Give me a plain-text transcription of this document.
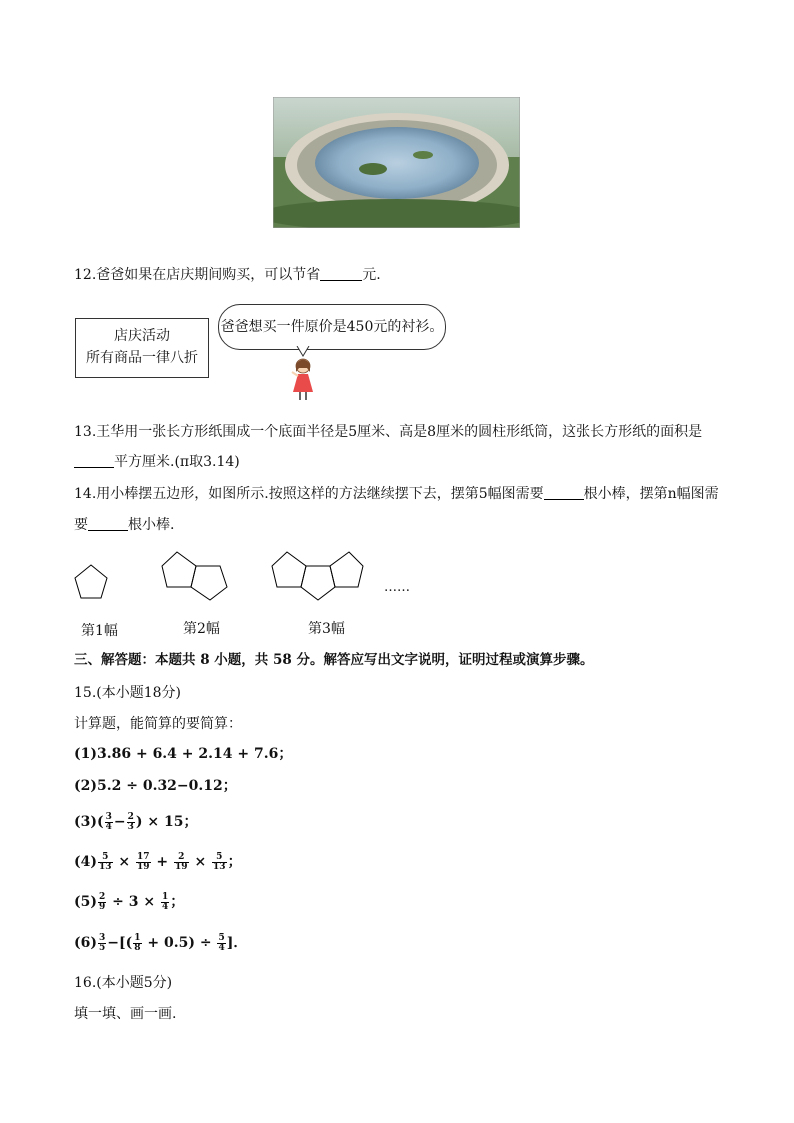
12.爸爸如果在店庆期间购买，可以节省	元.
店庆活动
所有商品一律八折
爸爸想买一件原价是450元的衬衫。
13.王华用一张长方形纸围成一个底面半径是5厘米、高是8厘米的圆柱形纸筒，这张长方形纸的面积是
平方厘米.(π取3.14)
14.用小棒摆五边形，如图所示.按照这样的方法继续摆下去，摆第5幅图需要	根小棒，摆第n幅图需
要	根小棒.
……
第1幅	第2幅	第3幅
三、解答题：本题共 8 小题，共 58 分。解答应写出文字说明，证明过程或演算步骤。
15.(本小题18分)
计算题，能简算的要简算：
(1)3.86 + 6.4 + 2.14 + 7.6；
(2)5.2 ÷ 0.32−0.12；
$(3)( \frac{3}{4} - \frac{2}{3}$ ) × 15；
$(4) \frac{5}{13} \times \frac{17}{19} + \frac{2}{19} \times \frac{5}{13}$ ；
$(5) \frac{2}{9} \div 3 \times \frac{1}{4}$ ；
$(6) \frac{3}{5}$ −[( $\frac{1}{8} + 0.5) \div \frac{5}{4}$ ]．
16.(本小题5分)
填一填、画一画.
